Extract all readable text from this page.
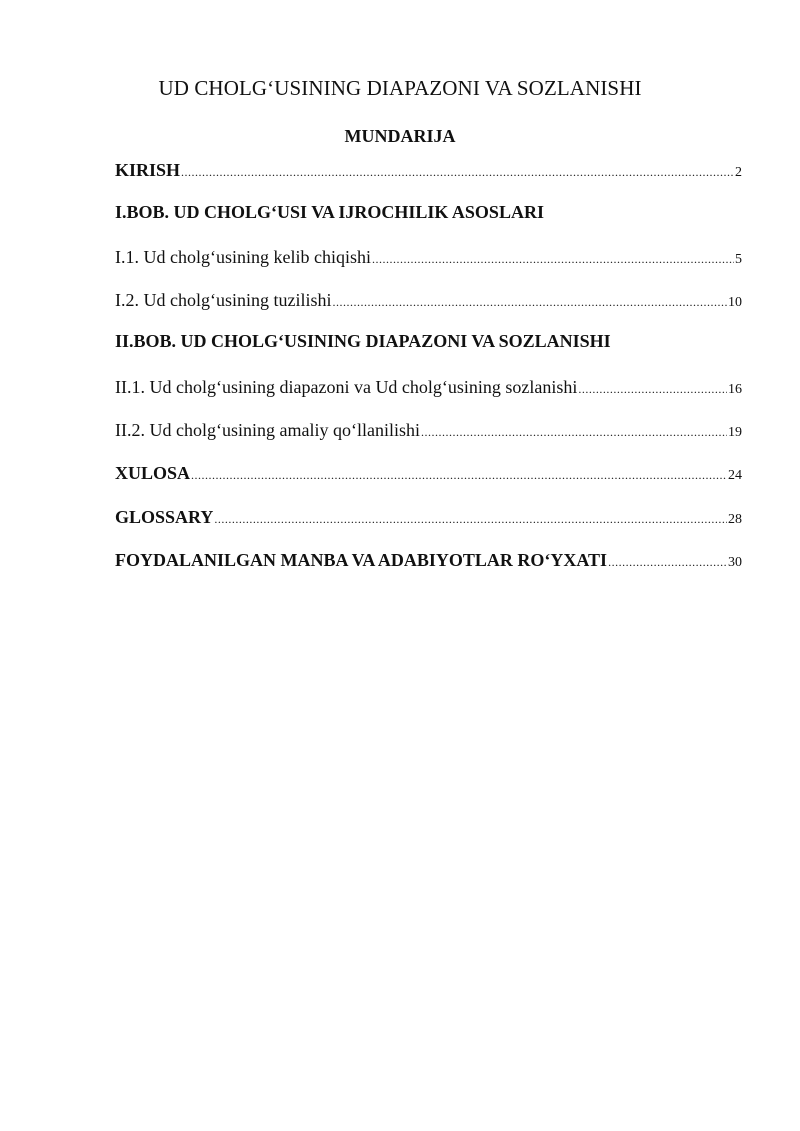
UD CHOLG‘USINING DIAPAZONI VA SOZLANISHI
MUNDARIJA
KIRISH .....	2
I.BOB. UD CHOLG‘USI VA IJROCHILIK ASOSLARI
I.1. Ud cholg‘usining kelib chiqishi .....	5
I.2. Ud cholg‘usining tuzilishi .....	10
II.BOB. UD CHOLG‘USINING DIAPAZONI VA SOZLANISHI
II.1. Ud cholg‘usining diapazoni va Ud cholg‘usining sozlanishi .....	16
II.2. Ud cholg‘usining amaliy qo‘llanilishi .....	19
XULOSA .....	24
GLOSSARY .....	28
FOYDALANILGAN MANBA VA ADABIYOTLAR RO‘YXATI .....	30
